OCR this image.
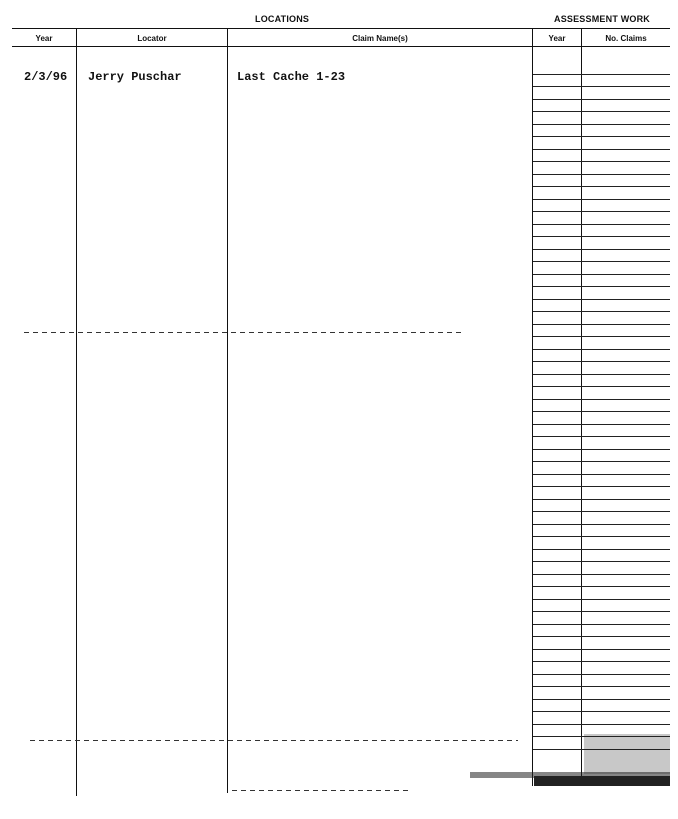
LOCATIONS	ASSESSMENT WORK
Year	Locator	Claim Name(s)	Year	No. Claims
2/3/96 Jerry Puschar	Last Cache 1-23
